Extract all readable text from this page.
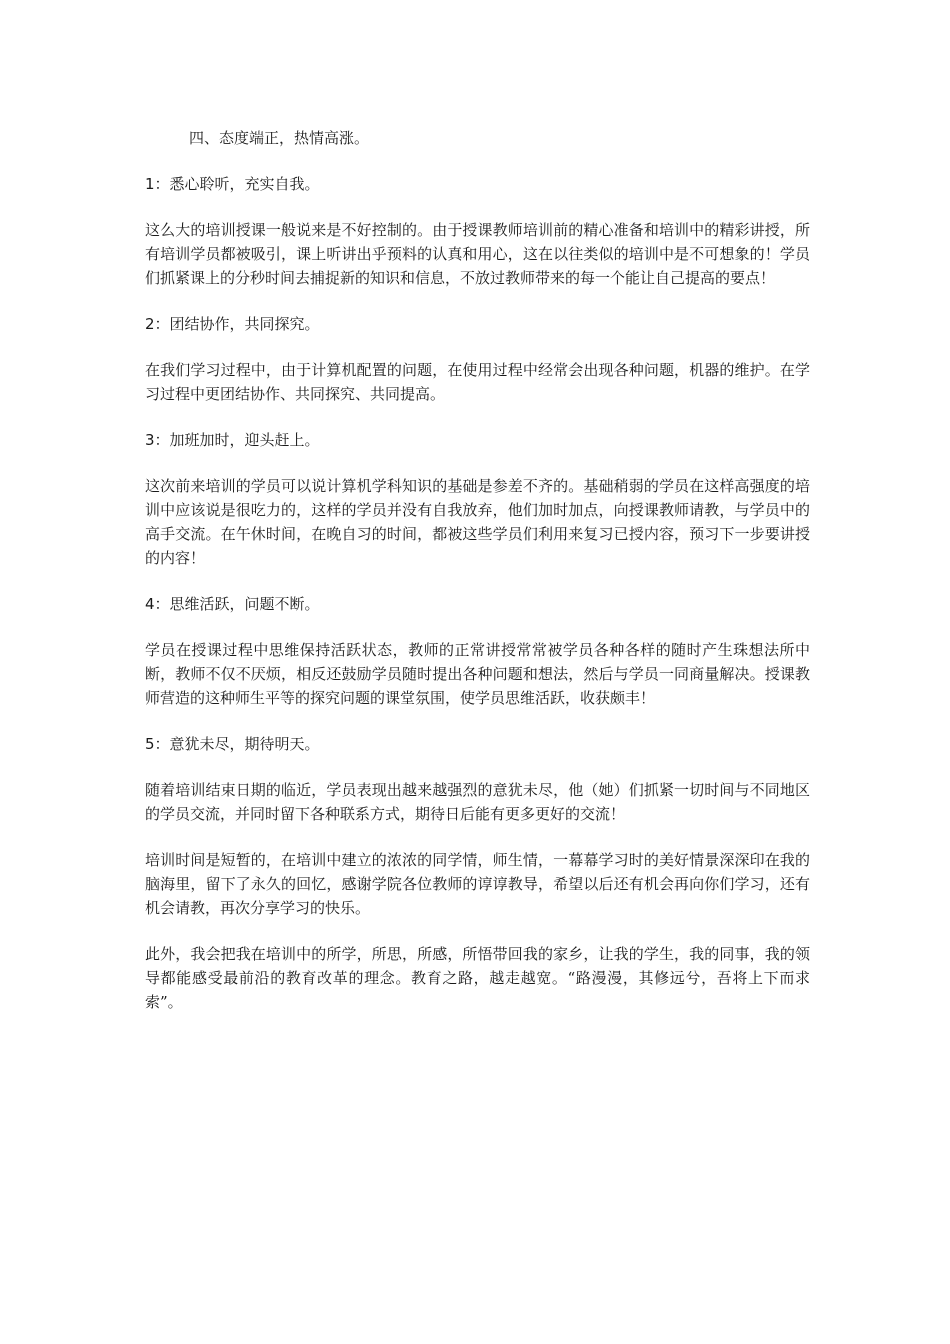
四、态度端正，热情高涨。

1：悉心聆听，充实自我。

这么大的培训授课一般说来是不好控制的。由于授课教师培训前的精心准备和培训中的精彩讲授，所有培训学员都被吸引，课上听讲出乎预料的认真和用心，这在以往类似的培训中是不可想象的！学员们抓紧课上的分秒时间去捕捉新的知识和信息，不放过教师带来的每一个能让自己提高的要点！

2：团结协作，共同探究。

在我们学习过程中，由于计算机配置的问题，在使用过程中经常会出现各种问题，机器的维护。在学习过程中更团结协作、共同探究、共同提高。

3：加班加时，迎头赶上。

这次前来培训的学员可以说计算机学科知识的基础是参差不齐的。基础稍弱的学员在这样高强度的培训中应该说是很吃力的，这样的学员并没有自我放弃，他们加时加点，向授课教师请教，与学员中的高手交流。在午休时间，在晚自习的时间，都被这些学员们利用来复习已授内容，预习下一步要讲授的内容！

4：思维活跃，问题不断。

学员在授课过程中思维保持活跃状态，教师的正常讲授常常被学员各种各样的随时产生珠想法所中断，教师不仅不厌烦，相反还鼓励学员随时提出各种问题和想法，然后与学员一同商量解决。授课教师营造的这种师生平等的探究问题的课堂氛围，使学员思维活跃，收获颇丰！

5：意犹未尽，期待明天。

随着培训结束日期的临近，学员表现出越来越强烈的意犹未尽，他（她）们抓紧一切时间与不同地区的学员交流，并同时留下各种联系方式，期待日后能有更多更好的交流！

培训时间是短暂的，在培训中建立的浓浓的同学情，师生情，一幕幕学习时的美好情景深深印在我的脑海里，留下了永久的回忆，感谢学院各位教师的谆谆教导，希望以后还有机会再向你们学习，还有机会请教，再次分享学习的快乐。

此外，我会把我在培训中的所学，所思，所感，所悟带回我的家乡，让我的学生，我的同事，我的领导都能感受最前沿的教育改革的理念。教育之路，越走越宽。“路漫漫，其修远兮，吾将上下而求索”。
